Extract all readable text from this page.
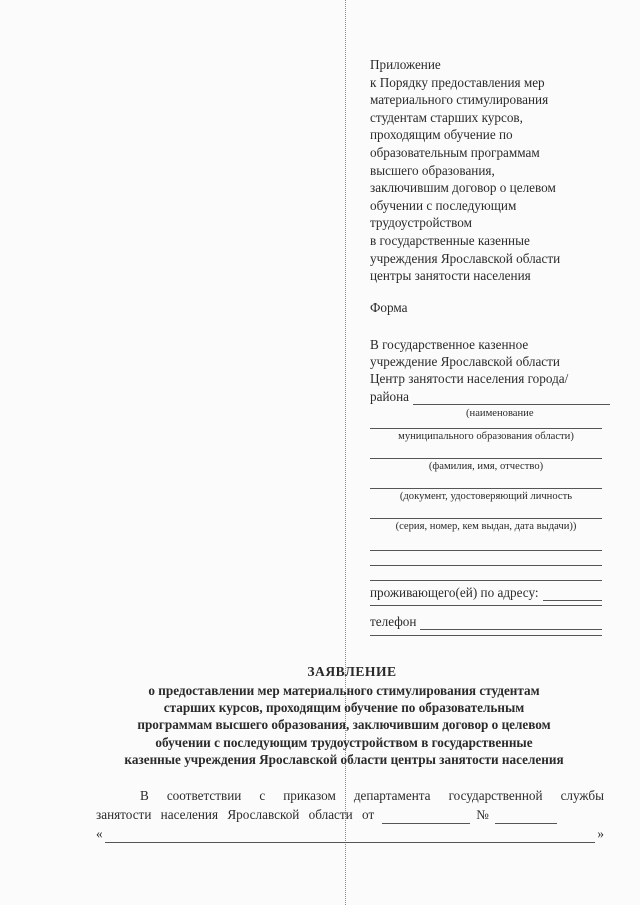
Приложение
к Порядку предоставления мер
материального стимулирования
студентам старших курсов,
проходящим обучение по
образовательным программам
высшего образования,
заключившим договор о целевом
обучении с последующим
трудоустройством
в государственные казенные
учреждения Ярославской области
центры занятости населения
Форма
В государственное казенное
учреждение Ярославской области
Центр занятости населения города/
района
(наименование
муниципального образования области)
(фамилия, имя, отчество)
(документ, удостоверяющий личность
(серия, номер, кем выдан, дата выдачи))
проживающего(ей) по адресу:
телефон
ЗАЯВЛЕНИЕ
о предоставлении мер материального стимулирования студентам
старших курсов, проходящим обучение по образовательным
программам высшего образования, заключившим договор о целевом
обучении с последующим трудоустройством в государственные
казенные учреждения Ярославской области центры занятости населения
В соответствии с приказом департамента государственной службы
занятости населения Ярославской области от	№
«	»
